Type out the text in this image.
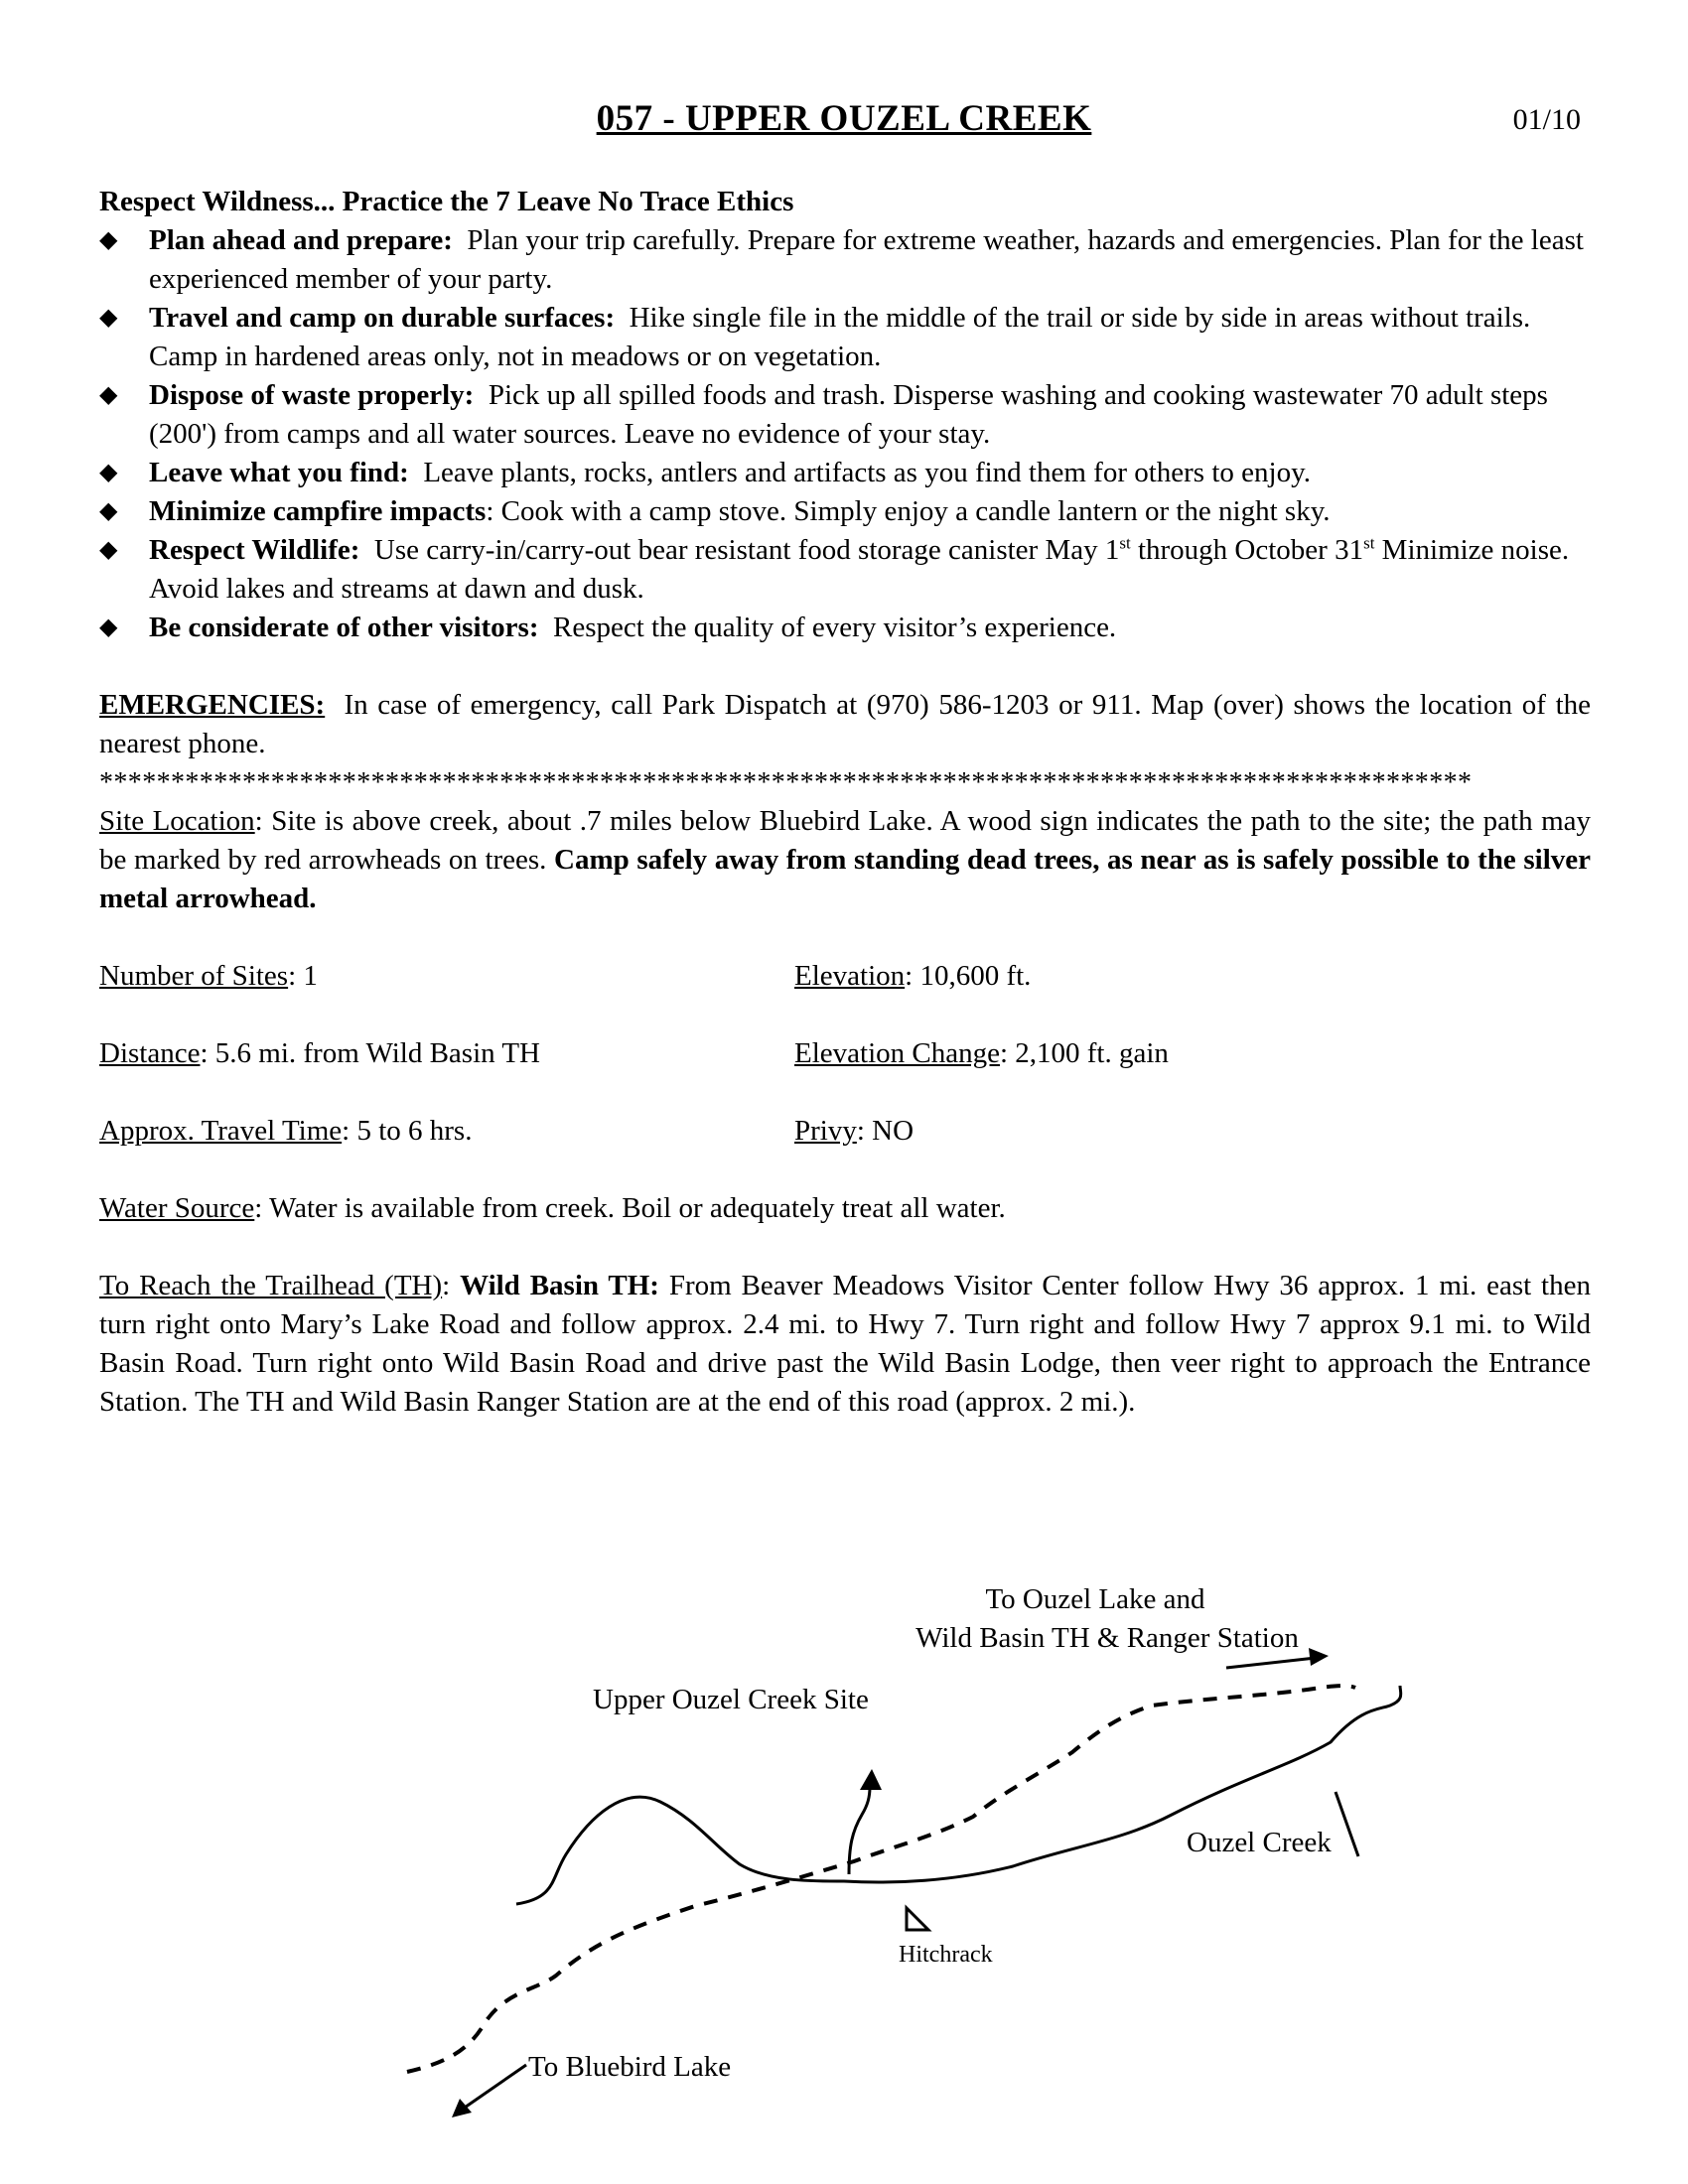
057 - UPPER OUZEL CREEK	01/10

Respect Wildness... Practice the 7 Leave No Trace Ethics

◆ Plan ahead and prepare: Plan your trip carefully. Prepare for extreme weather, hazards and emergencies. Plan for the least experienced member of your party.
◆ Travel and camp on durable surfaces: Hike single file in the middle of the trail or side by side in areas without trails. Camp in hardened areas only, not in meadows or on vegetation.
◆ Dispose of waste properly: Pick up all spilled foods and trash. Disperse washing and cooking wastewater 70 adult steps (200') from camps and all water sources. Leave no evidence of your stay.
◆ Leave what you find: Leave plants, rocks, antlers and artifacts as you find them for others to enjoy.
◆ Minimize campfire impacts: Cook with a camp stove. Simply enjoy a candle lantern or the night sky.
◆ Respect Wildlife: Use carry-in/carry-out bear resistant food storage canister May 1st through October 31st Minimize noise. Avoid lakes and streams at dawn and dusk.
◆ Be considerate of other visitors: Respect the quality of every visitor’s experience.
EMERGENCIES: In case of emergency, call Park Dispatch at (970) 586-1203 or 911. Map (over) shows the location of the nearest phone.
************************************************************************************************
Site Location: Site is above creek, about .7 miles below Bluebird Lake. A wood sign indicates the path to the site; the path may be marked by red arrowheads on trees. Camp safely away from standing dead trees, as near as is safely possible to the silver metal arrowhead.
Number of Sites: 1	Elevation: 10,600 ft.
Distance: 5.6 mi. from Wild Basin TH	Elevation Change: 2,100 ft. gain
Approx. Travel Time: 5 to 6 hrs.	Privy: NO
Water Source: Water is available from creek. Boil or adequately treat all water.
To Reach the Trailhead (TH): Wild Basin TH: From Beaver Meadows Visitor Center follow Hwy 36 approx. 1 mi. east then turn right onto Mary’s Lake Road and follow approx. 2.4 mi. to Hwy 7. Turn right and follow Hwy 7 approx 9.1 mi. to Wild Basin Road. Turn right onto Wild Basin Road and drive past the Wild Basin Lodge, then veer right to approach the Entrance Station. The TH and Wild Basin Ranger Station are at the end of this road (approx. 2 mi.).
To Ouzel Lake and
Wild Basin TH & Ranger Station
Upper Ouzel Creek Site
Ouzel Creek
Hitchrack
To Bluebird Lake
